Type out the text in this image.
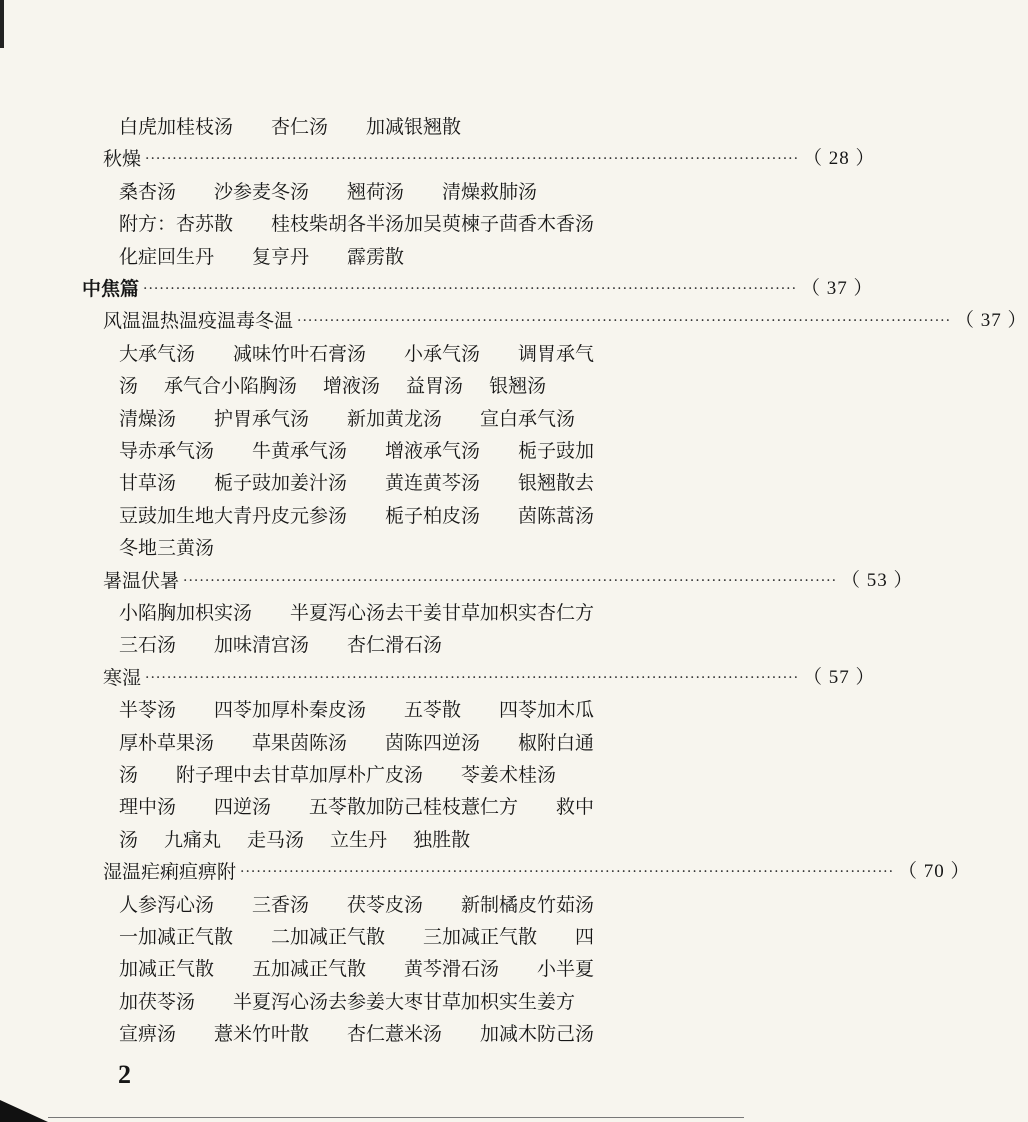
白虎加桂枝汤 杏仁汤 加减银翘散
秋燥 ························································································································ （ 28 ）
桑杏汤 沙参麦冬汤 翘荷汤 清燥救肺汤
附方：杏苏散 桂枝柴胡各半汤加吴萸楝子茴香木香汤
化症回生丹 复亨丹 霹雳散
中焦篇 ························································································································ （ 37 ）
风温温热温疫温毒冬温 ························································································································ （ 37 ）
大承气汤 减味竹叶石膏汤 小承气汤 调胃承气
汤 承气合小陷胸汤 增液汤 益胃汤 银翘汤
清燥汤 护胃承气汤 新加黄龙汤 宣白承气汤
导赤承气汤 牛黄承气汤 增液承气汤 栀子豉加
甘草汤 栀子豉加姜汁汤 黄连黄芩汤 银翘散去
豆豉加生地大青丹皮元参汤 栀子柏皮汤 茵陈蒿汤
冬地三黄汤
暑温伏暑 ························································································································ （ 53 ）
小陷胸加枳实汤 半夏泻心汤去干姜甘草加枳实杏仁方
三石汤 加味清宫汤 杏仁滑石汤
寒湿 ························································································································ （ 57 ）
半苓汤 四苓加厚朴秦皮汤 五苓散 四苓加木瓜
厚朴草果汤 草果茵陈汤 茵陈四逆汤 椒附白通
汤 附子理中去甘草加厚朴广皮汤 苓姜术桂汤
理中汤 四逆汤 五苓散加防己桂枝薏仁方 救中
汤 九痛丸 走马汤 立生丹 独胜散
湿温疟痢疸痹附 ························································································································ （ 70 ）
人参泻心汤 三香汤 茯苓皮汤 新制橘皮竹茹汤
一加减正气散 二加减正气散 三加减正气散 四
加减正气散 五加减正气散 黄芩滑石汤 小半夏
加茯苓汤 半夏泻心汤去参姜大枣甘草加枳实生姜方
宣痹汤 薏米竹叶散 杏仁薏米汤 加减木防己汤
2
